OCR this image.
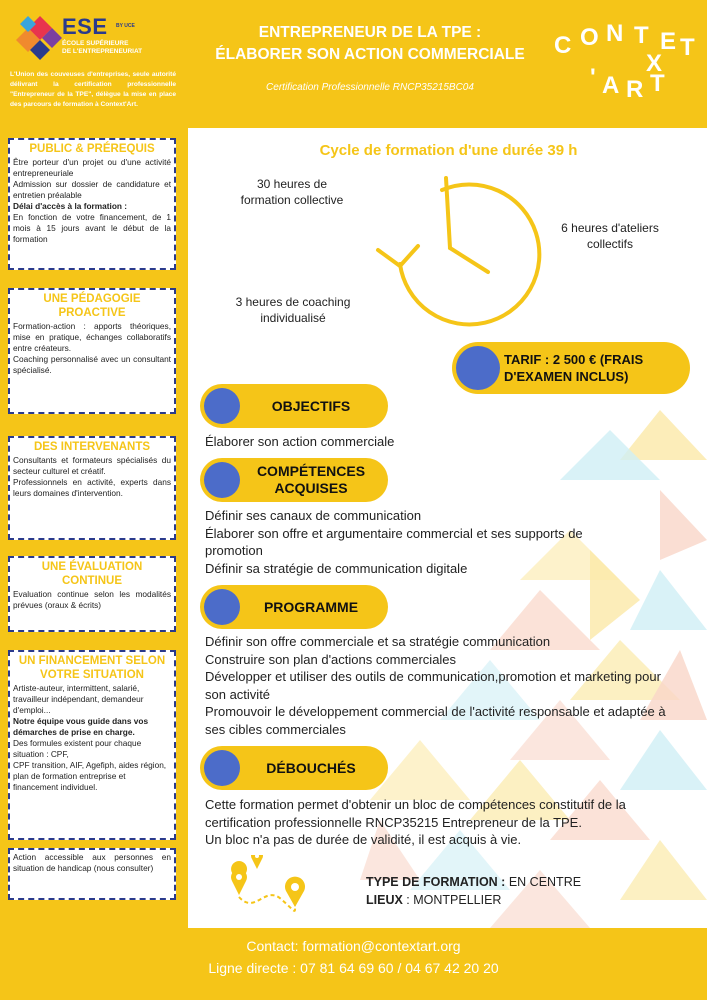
ESE BY UCE
ÉCOLE SUPÉRIEURE
DE L'ENTREPRENEURIAT
L'Union des couveuses d'entreprises, seule autorité délivrant la certification professionnelle "Entrepreneur de la TPE", délègue la mise en place des parcours de formation à Context'Art.
ENTREPRENEUR DE LA TPE :
ÉLABORER SON ACTION COMMERCIALE
Certification Professionnelle RNCP35215BC04
C O N T E
X
T
' A R T
PUBLIC & PRÉREQUIS
Être porteur d'un projet ou d'une activité entrepreneuriale
Admission sur dossier de candidature et entretien préalable
Délai d'accès à la formation :
En fonction de votre financement, de 1 mois à 15 jours avant le début de la formation
UNE PÉDAGOGIE
PROACTIVE
Formation-action : apports théoriques, mise en pratique, échanges collaboratifs entre créateurs.
Coaching personnalisé avec un consultant spécialisé.
DES INTERVENANTS
Consultants et formateurs spécialisés du secteur culturel et créatif.
Professionnels en activité, experts dans leurs domaines d'intervention.
UNE ÉVALUATION
CONTINUE
Evaluation continue selon les modalités prévues (oraux & écrits)
UN FINANCEMENT SELON
VOTRE SITUATION
Artiste-auteur, intermittent, salarié, travailleur indépendant, demandeur d'emploi...
Notre équipe vous guide dans vos démarches de prise en charge.
Des formules existent pour chaque situation : CPF,
CPF transition, AIF, Agefiph, aides région, plan de formation entreprise et financement individuel.
Action accessible aux personnes en situation de handicap (nous consulter)
Cycle de formation d'une durée 39 h
30 heures de
formation collective
6 heures d'ateliers
collectifs
3 heures de coaching
individualisé
TARIF : 2 500 € (FRAIS
D'EXAMEN INCLUS)
OBJECTIFS
Élaborer son action commerciale
COMPÉTENCES
ACQUISES
Définir ses canaux de communication
Élaborer son offre et argumentaire commercial et ses supports de promotion
Définir sa stratégie de communication digitale
PROGRAMME
Définir son offre commerciale et sa stratégie communication
Construire son plan d'actions commerciales
Développer et utiliser des outils de communication,promotion et marketing pour son activité
Promouvoir le développement commercial de l'activité responsable et adaptée à ses cibles commerciales
DÉBOUCHÉS
Cette formation permet d'obtenir un bloc de compétences constitutif de la certification professionnelle RNCP35215 Entrepreneur de la TPE.
Un bloc n'a pas de durée de validité, il est acquis à vie.
TYPE DE FORMATION : EN CENTRE
LIEUX : MONTPELLIER
Contact: formation@contextart.org
Ligne directe : 07 81 64 69 60 / 04 67 42 20 20
